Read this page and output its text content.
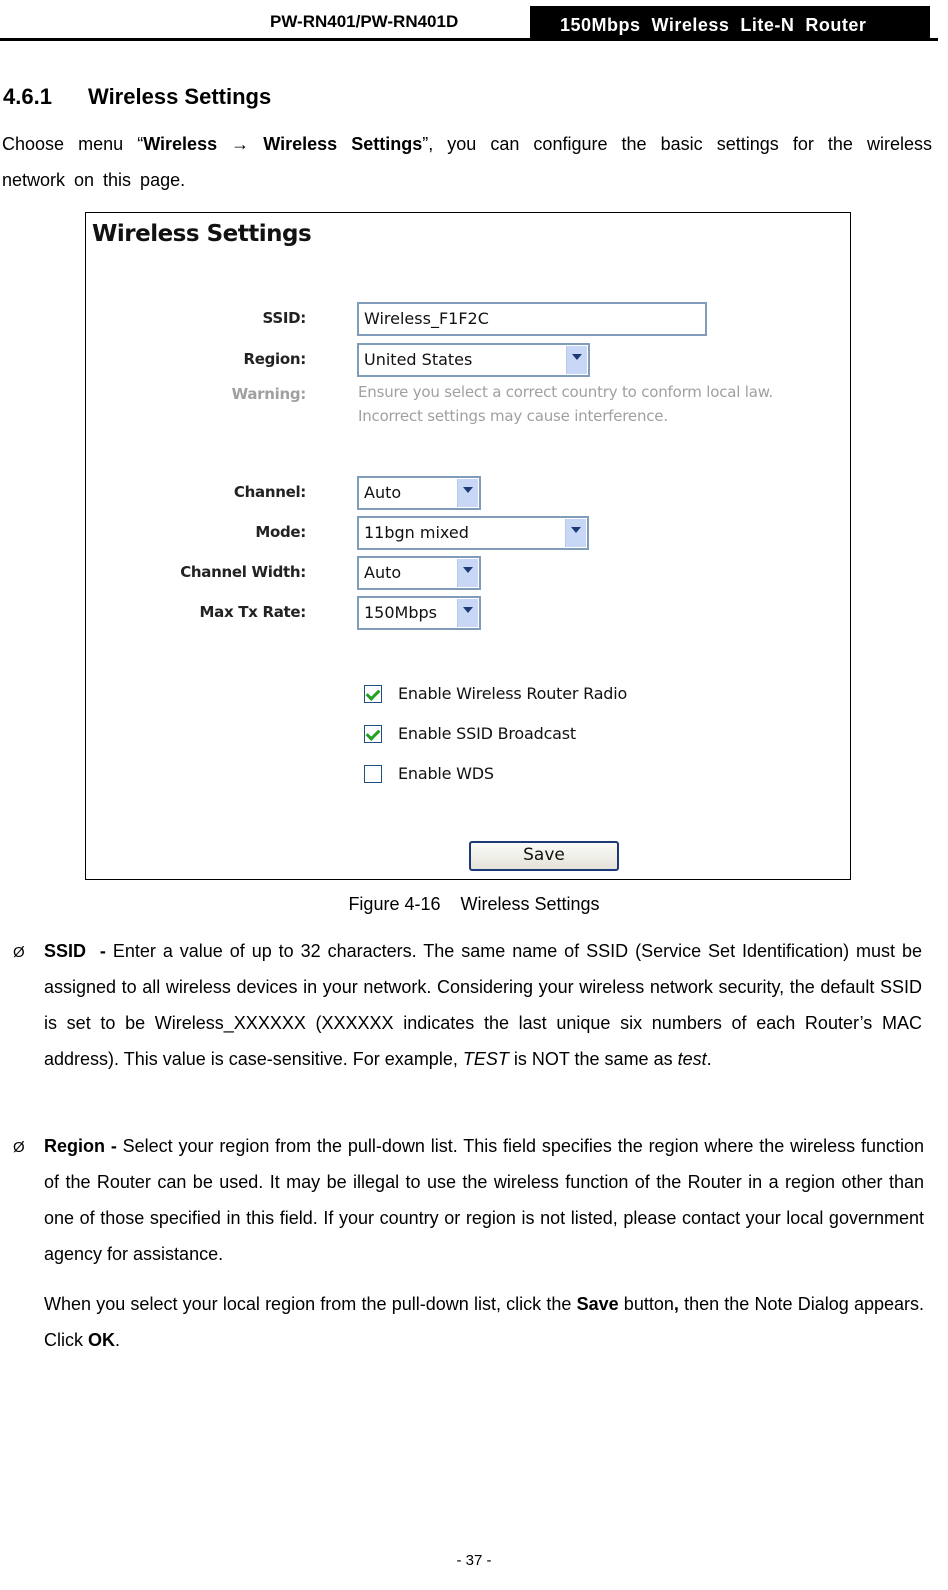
PW-RN401/PW-RN401D	150Mbps  Wireless  Lite-N  Router
4.6.1 Wireless Settings
Choose menu “Wireless → Wireless Settings”, you can configure the basic settings for the wireless network on this page.
Wireless Settings
SSID:	Wireless_F1F2C
Region:	United States
Warning:	Ensure you select a correct country to conform local law.
Incorrect settings may cause interference.
Channel:	Auto
Mode:	11bgn mixed
Channel Width:	Auto
Max Tx Rate:	150Mbps
Enable Wireless Router Radio
Enable SSID Broadcast
Enable WDS
Save
Figure 4-16    Wireless Settings
Ø SSID  - Enter a value of up to 32 characters. The same name of SSID (Service Set Identification) must be assigned to all wireless devices in your network. Considering your wireless network security, the default SSID is set to be Wireless_XXXXXX (XXXXXX indicates the last unique six numbers of each Router’s MAC address). This value is case-sensitive. For example, TEST is NOT the same as test.
Ø Region - Select your region from the pull-down list. This field specifies the region where the wireless function of the Router can be used. It may be illegal to use the wireless function of the Router in a region other than one of those specified in this field. If your country or region is not listed, please contact your local government agency for assistance.
When you select your local region from the pull-down list, click the Save button, then the Note Dialog appears. Click OK.
- 37 -
